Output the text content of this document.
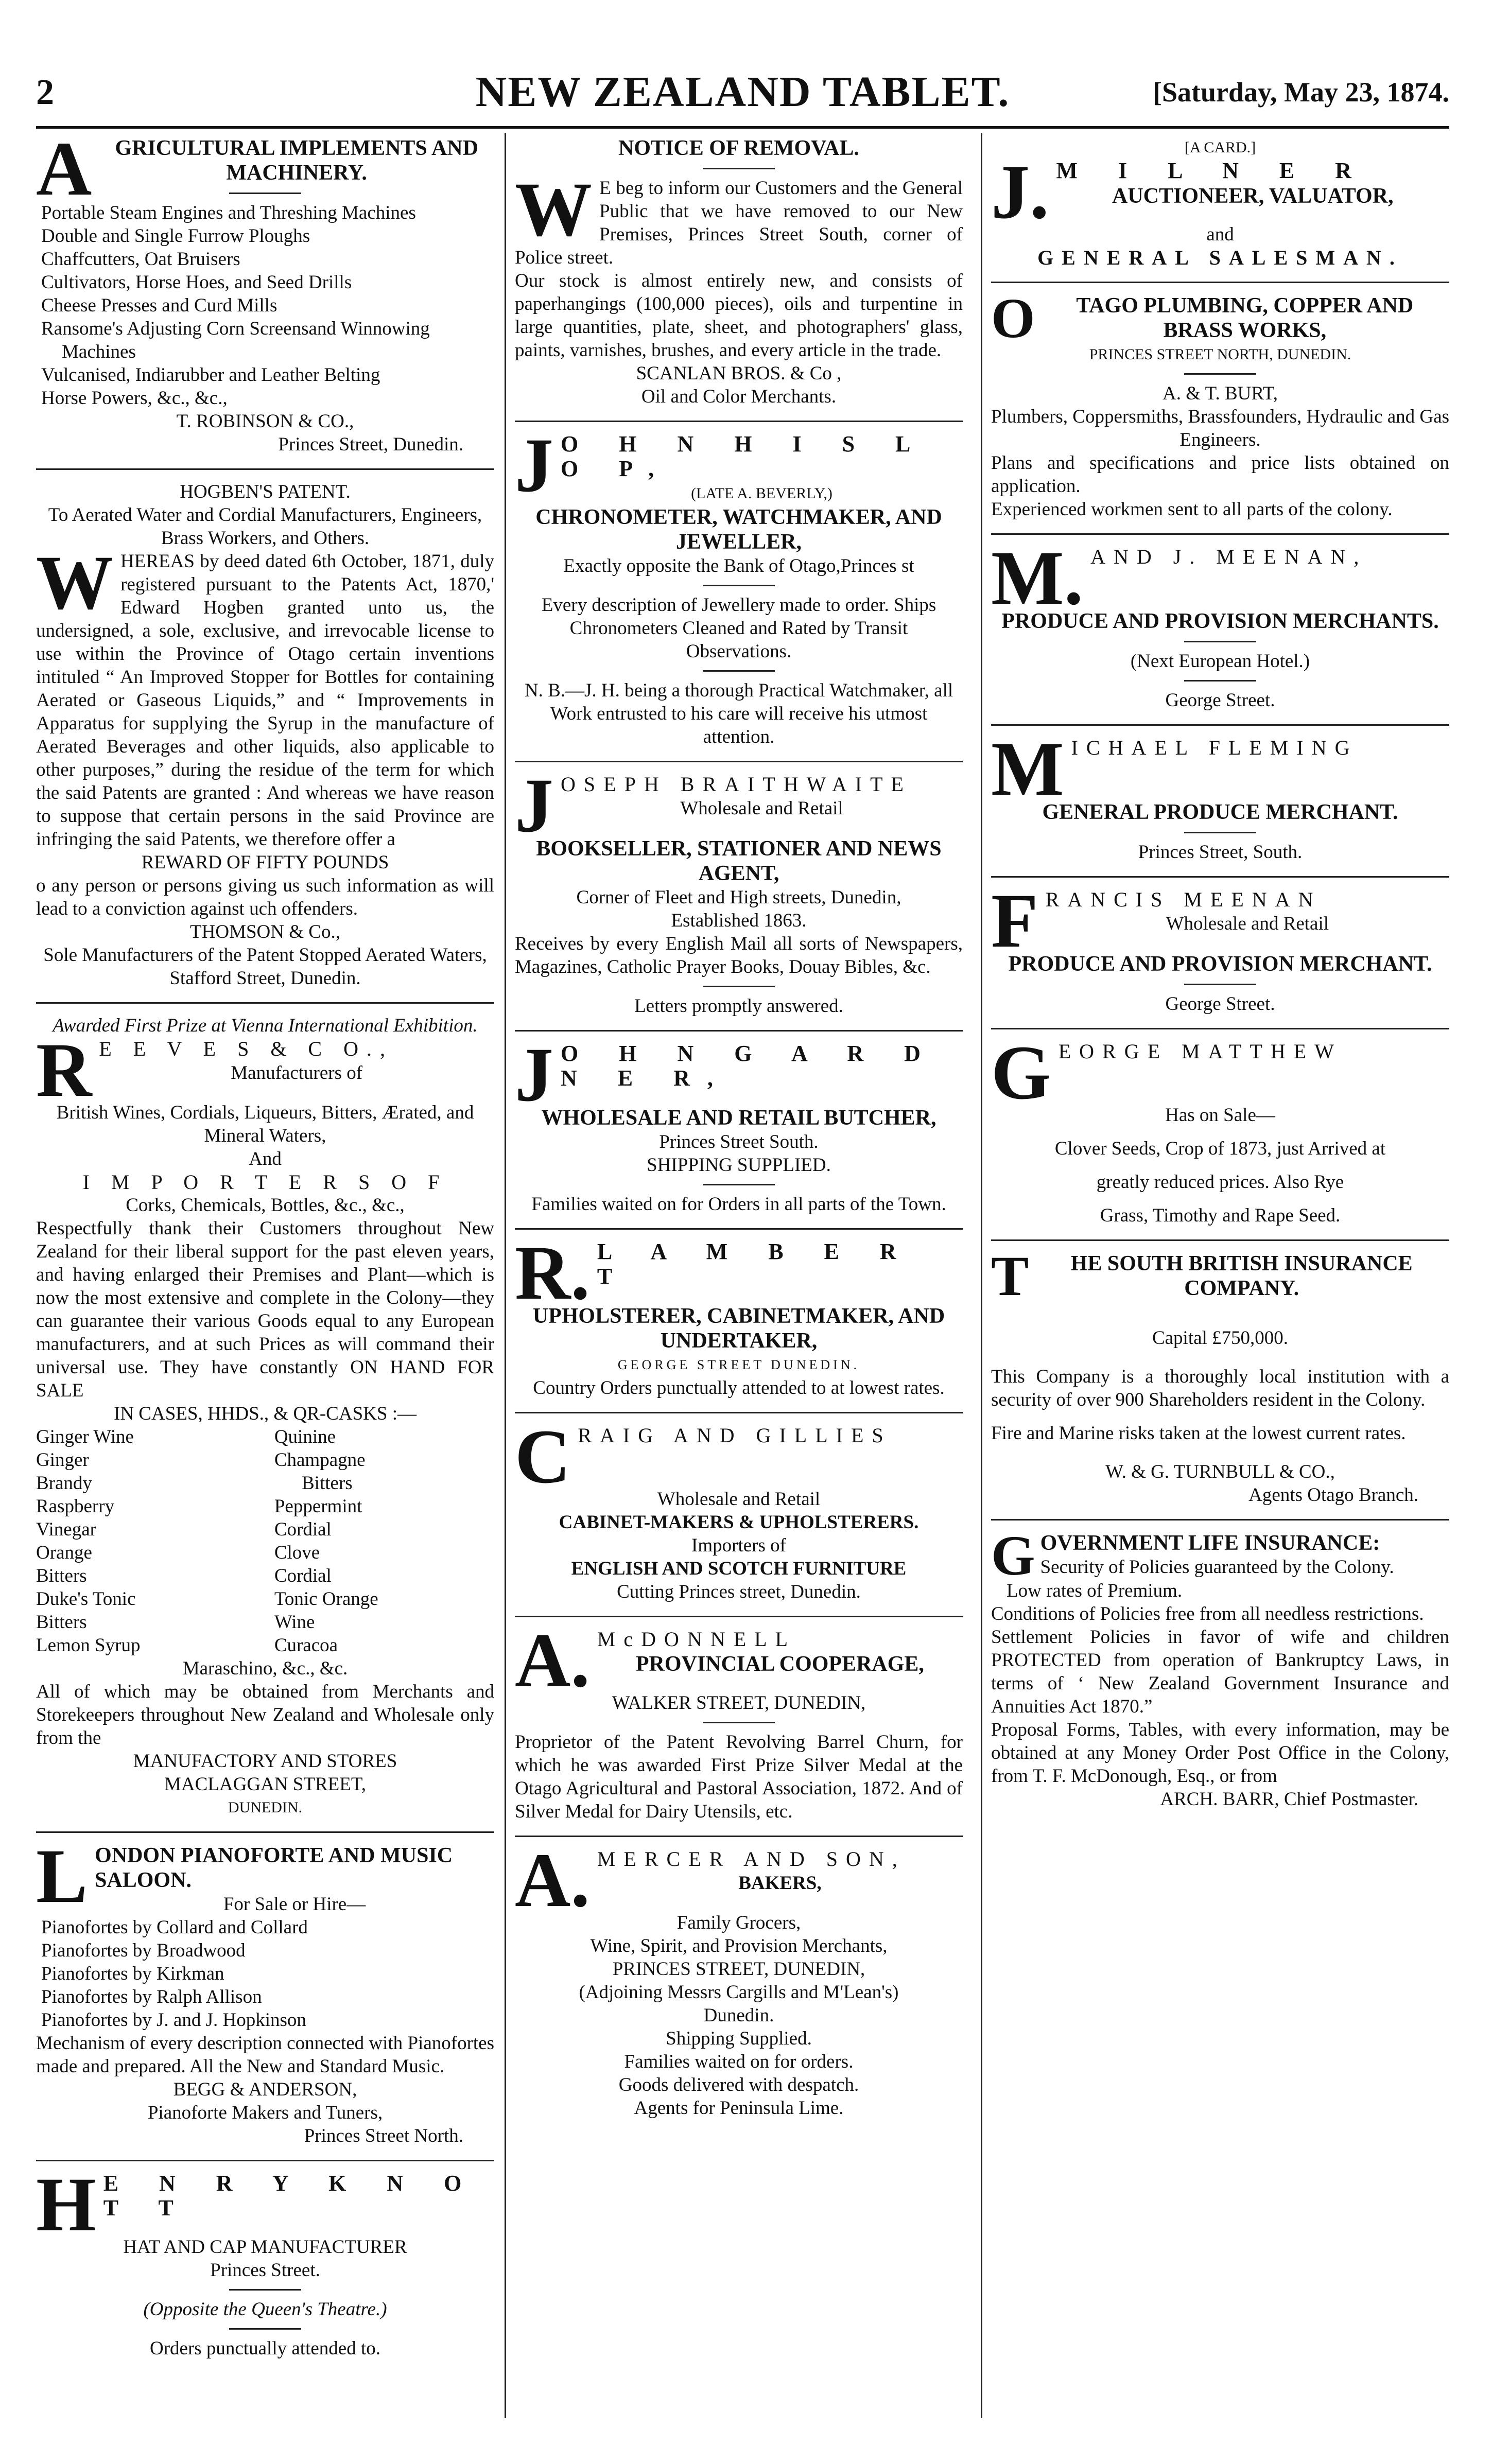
2	NEW ZEALAND TABLET.	[Saturday, May 23, 1874.
A GRICULTURAL IMPLEMENTS AND MACHINERY.
Portable Steam Engines and Threshing Machines
Double and Single Furrow Ploughs
Chaffcutters, Oat Bruisers
Cultivators, Horse Hoes, and Seed Drills
Cheese Presses and Curd Mills
Ransome's Adjusting Corn Screensand Winnowing Machines
Vulcanised, Indiarubber and Leather Belting
Horse Powers, &c., &c.,
T. ROBINSON & CO.,
Princes Street, Dunedin.
HOGBEN'S PATENT.
To Aerated Water and Cordial Manufacturers, Engineers, Brass Workers, and Others.
WHEREAS by deed dated 6th October, 1871, duly registered pursuant to the Patents Act, 1870,' Edward Hogben granted unto us, the undersigned, a sole, exclusive, and irrevocable license to use within the Province of Otago certain inventions intituled “ An Improved Stopper for Bottles for containing Aerated or Gaseous Liquids,” and “ Improvements in Apparatus for supplying the Syrup in the manufacture of Aerated Beverages and other liquids, also applicable to other purposes,” during the residue of the term for which the said Patents are granted : And whereas we have reason to suppose that certain persons in the said Province are infringing the said Patents, we therefore offer a
REWARD OF FIFTY POUNDS
o any person or persons giving us such information as will lead to a conviction against uch offenders.
THOMSON & Co.,
Sole Manufacturers of the Patent Stopped Aerated Waters, Stafford Street, Dunedin.
Awarded First Prize at Vienna International Exhibition.
R E E V E S & C O.,
Manufacturers of
British Wines, Cordials, Liqueurs, Bitters, Ærated, and Mineral Waters,
And
I M P O R T E R S O F
Corks, Chemicals, Bottles, &c., &c.,
Respectfully thank their Customers throughout New Zealand for their liberal support for the past eleven years, and having enlarged their Premises and Plant—which is now the most extensive and complete in the Colony—they can guarantee their various Goods equal to any European manufacturers, and at such Prices as will command their universal use. They have constantly ON HAND FOR SALE
IN CASES, HHDS., & QR-CASKS :—
Ginger Wine
Ginger Brandy
Raspberry Vinegar
Orange Bitters
Duke's Tonic Bitters
Lemon Syrup
Quinine Champagne
Bitters
Peppermint Cordial
Clove Cordial
Tonic Orange Wine
Curacoa
Maraschino, &c., &c.
All of which may be obtained from Merchants and Storekeepers throughout New Zealand and Wholesale only from the
MANUFACTORY AND STORES
MACLAGGAN STREET,
DUNEDIN.
LONDON PIANOFORTE AND MUSIC SALOON.
For Sale or Hire—
Pianofortes by Collard and Collard
Pianofortes by Broadwood
Pianofortes by Kirkman
Pianofortes by Ralph Allison
Pianofortes by J. and J. Hopkinson
Mechanism of every description connected with Pianofortes made and prepared. All the New and Standard Music.
BEGG & ANDERSON,
Pianoforte Makers and Tuners,
Princes Street North.
H E N R Y K N O T T
HAT AND CAP MANUFACTURER
Princes Street.
(Opposite the Queen's Theatre.)
Orders punctually attended to.
NOTICE OF REMOVAL.
W E beg to inform our Customers and the General Public that we have removed to our New Premises, Princes Street South, corner of Police street.
Our stock is almost entirely new, and consists of paperhangings (100,000 pieces), oils and turpentine in large quantities, plate, sheet, and photographers' glass, paints, varnishes, brushes, and every article in the trade.
SCANLAN BROS. & Co ,
Oil and Color Merchants.
J O H N H I S L O P,
(LATE A. BEVERLY,)
CHRONOMETER, WATCHMAKER, AND JEWELLER,
Exactly opposite the Bank of Otago,Princes st
Every description of Jewellery made to order. Ships Chronometers Cleaned and Rated by Transit Observations.
N. B.—J. H. being a thorough Practical Watchmaker, all Work entrusted to his care will receive his utmost attention.
JOSEPH BRAITHWAITE
Wholesale and Retail
BOOKSELLER, STATIONER AND NEWS AGENT,
Corner of Fleet and High streets, Dunedin,
Established 1863.
Receives by every English Mail all sorts of Newspapers, Magazines, Catholic Prayer Books, Douay Bibles, &c.
Letters promptly answered.
J O H N G A R D N E R,
WHOLESALE AND RETAIL BUTCHER,
Princes Street South.
SHIPPING SUPPLIED.
Families waited on for Orders in all parts of the Town.
R. L A M B E R T
UPHOLSTERER, CABINETMAKER, AND UNDERTAKER,
GEORGE STREET DUNEDIN.
Country Orders punctually attended to at lowest rates.
CRAIG AND GILLIES
Wholesale and Retail
CABINET-MAKERS & UPHOLSTERERS.
Importers of
ENGLISH AND SCOTCH FURNITURE
Cutting Princes street, Dunedin.
A. McDONNELL
PROVINCIAL COOPERAGE,
WALKER STREET, DUNEDIN,
Proprietor of the Patent Revolving Barrel Churn, for which he was awarded First Prize Silver Medal at the Otago Agricultural and Pastoral Association, 1872. And of Silver Medal for Dairy Utensils, etc.
A. MERCER AND SON,
BAKERS,
Family Grocers,
Wine, Spirit, and Provision Merchants,
PRINCES STREET, DUNEDIN,
(Adjoining Messrs Cargills and M'Lean's)
Dunedin.
Shipping Supplied.
Families waited on for orders.
Goods delivered with despatch.
Agents for Peninsula Lime.
[A CARD.]
J. M I L N E R
AUCTIONEER, VALUATOR,
and
GENERAL SALESMAN.
O TAGO PLUMBING, COPPER AND BRASS WORKS,
PRINCES STREET NORTH, DUNEDIN.
A. & T. BURT,
Plumbers, Coppersmiths, Brassfounders, Hydraulic and Gas Engineers.
Plans and specifications and price lists obtained on application.
Experienced workmen sent to all parts of the colony.
M. AND J. MEENAN,
PRODUCE AND PROVISION MERCHANTS.
(Next European Hotel.)
George Street.
MICHAEL FLEMING
GENERAL PRODUCE MERCHANT.
Princes Street, South.
FRANCIS MEENAN
Wholesale and Retail
PRODUCE AND PROVISION MERCHANT.
George Street.
GEORGE MATTHEW
Has on Sale—
Clover Seeds, Crop of 1873, just Arrived at
greatly reduced prices. Also Rye
Grass, Timothy and Rape Seed.
T HE SOUTH BRITISH INSURANCE COMPANY.
Capital £750,000.
This Company is a thoroughly local institution with a security of over 900 Shareholders resident in the Colony.
Fire and Marine risks taken at the lowest current rates.
W. & G. TURNBULL & CO.,
Agents Otago Branch.
GOVERNMENT LIFE INSURANCE:
Security of Policies guaranteed by the Colony.
Low rates of Premium.
Conditions of Policies free from all needless restrictions.
Settlement Policies in favor of wife and children PROTECTED from operation of Bankruptcy Laws, in terms of ‘ New Zealand Government Insurance and Annuities Act 1870.”
Proposal Forms, Tables, with every information, may be obtained at any Money Order Post Office in the Colony, from T. F. McDonough, Esq., or from
ARCH. BARR, Chief Postmaster.
